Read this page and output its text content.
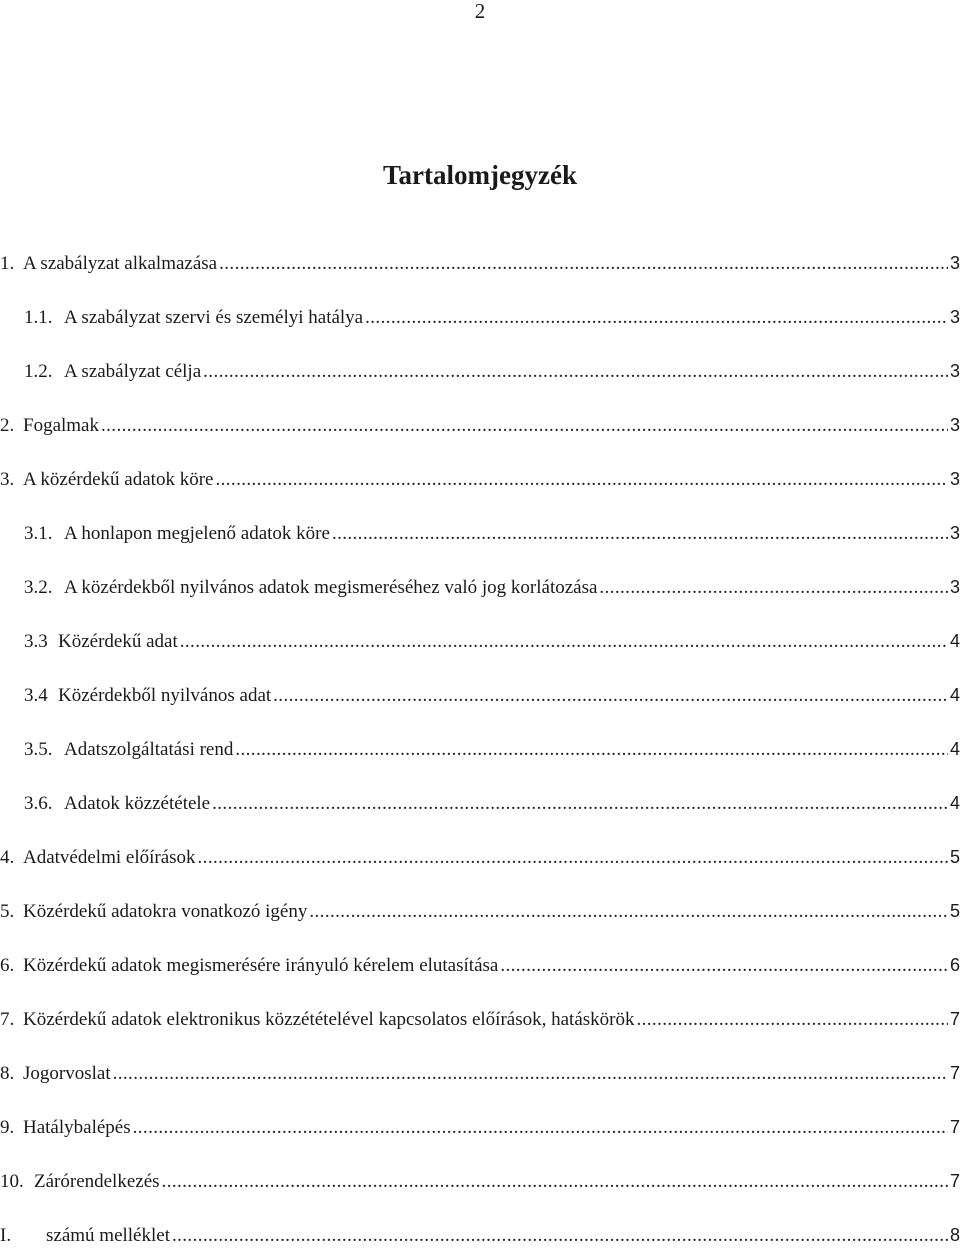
2
Tartalomjegyzék
1. A szabályzat alkalmazása .....	3
1.1. A szabályzat szervi és személyi hatálya .....	3
1.2. A szabályzat célja .....	3
2. Fogalmak .....	3
3. A közérdekű adatok köre .....	3
3.1. A honlapon megjelenő adatok köre .....	3
3.2. A közérdekből nyilvános adatok megismeréséhez való jog korlátozása .....	3
3.3 Közérdekű adat .....	4
3.4 Közérdekből nyilvános adat .....	4
3.5. Adatszolgáltatási rend .....	4
3.6. Adatok közzététele .....	4
4. Adatvédelmi előírások .....	5
5. Közérdekű adatokra vonatkozó igény .....	5
6. Közérdekű adatok megismerésére irányuló kérelem elutasítása .....	6
7. Közérdekű adatok elektronikus közzétételével kapcsolatos előírások, hatáskörök .....	7
8. Jogorvoslat .....	7
9. Hatálybalépés .....	7
10. Zárórendelkezés .....	7
I.	számú melléklet .....	8
